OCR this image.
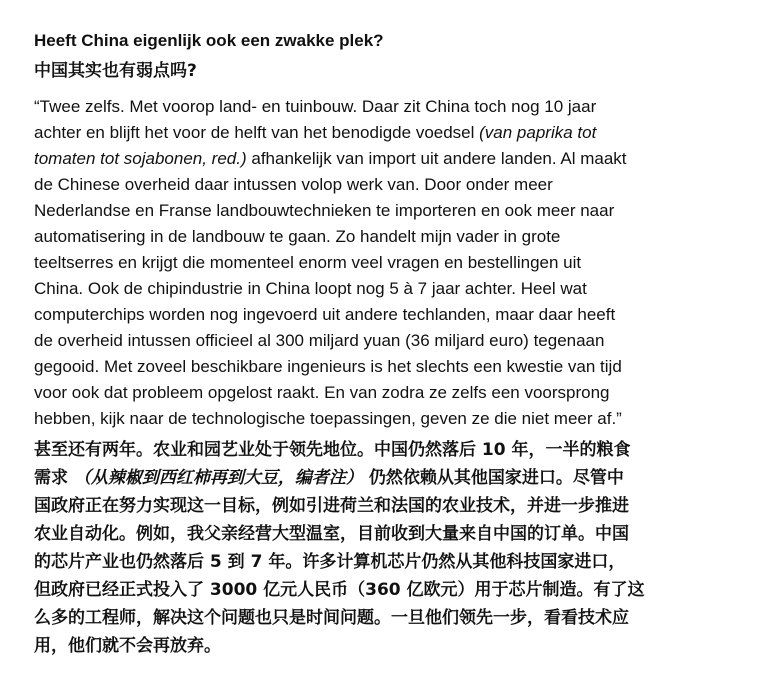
Heeft China eigenlijk ook een zwakke plek?
中国其实也有弱点吗?
“Twee zelfs. Met voorop land- en tuinbouw. Daar zit China toch nog 10 jaar
achter en blijft het voor de helft van het benodigde voedsel (van paprika tot
tomaten tot sojabonen, red.) afhankelijk van import uit andere landen. Al maakt
de Chinese overheid daar intussen volop werk van. Door onder meer
Nederlandse en Franse landbouwtechnieken te importeren en ook meer naar
automatisering in de landbouw te gaan. Zo handelt mijn vader in grote
teeltserres en krijgt die momenteel enorm veel vragen en bestellingen uit
China. Ook de chipindustrie in China loopt nog 5 à 7 jaar achter. Heel wat
computerchips worden nog ingevoerd uit andere techlanden, maar daar heeft
de overheid intussen officieel al 300 miljard yuan (36 miljard euro) tegenaan
gegooid. Met zoveel beschikbare ingenieurs is het slechts een kwestie van tijd
voor ook dat probleem opgelost raakt. En van zodra ze zelfs een voorsprong
hebben, kijk naar de technologische toepassingen, geven ze die niet meer af.”
甚至还有两年。农业和园艺业处于领先地位。中国仍然落后 10 年，一半的粮食
需求 （从辣椒到西红柿再到大豆，编者注） 仍然依赖从其他国家进口。尽管中
国政府正在努力实现这一目标，例如引进荷兰和法国的农业技术，并进一步推进
农业自动化。例如，我父亲经营大型温室，目前收到大量来自中国的订单。中国
的芯片产业也仍然落后 5 到 7 年。许多计算机芯片仍然从其他科技国家进口，
但政府已经正式投入了 3000 亿元人民币（360 亿欧元）用于芯片制造。有了这
么多的工程师，解决这个问题也只是时间问题。一旦他们领先一步，看看技术应
用，他们就不会再放弃。
